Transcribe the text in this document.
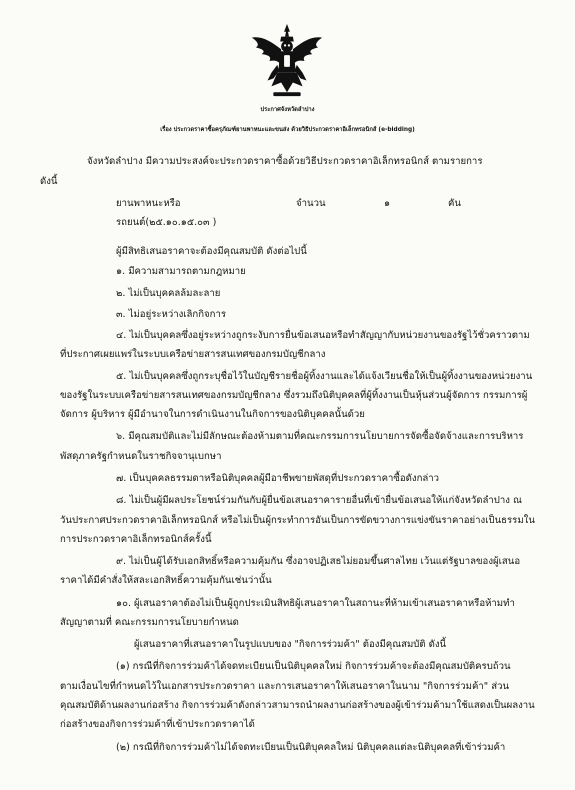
ประกาศจังหวัดลำปาง
เรื่อง ประกวดราคาซื้อครุภัณฑ์ยานพาหนะและขนส่ง ด้วยวิธีประกวดราคาอิเล็กทรอนิกส์ (e-bidding)
จังหวัดลำปาง มีความประสงค์จะประกวดราคาซื้อด้วยวิธีประกวดราคาอิเล็กทรอนิกส์ ตามรายการ
ดังนี้
ยานพาหนะหรือ	จำนวน	๑	คัน
รถยนต์(๒๕.๑๐.๑๕.๐๓ )
ผู้มีสิทธิเสนอราคาจะต้องมีคุณสมบัติ ดังต่อไปนี้
๑. มีความสามารถตามกฎหมาย
๒. ไม่เป็นบุคคลล้มละลาย
๓. ไม่อยู่ระหว่างเลิกกิจการ
๔. ไม่เป็นบุคคลซึ่งอยู่ระหว่างถูกระงับการยื่นข้อเสนอหรือทำสัญญากับหน่วยงานของรัฐไว้ชั่วคราวตาม
ที่ประกาศเผยแพร่ในระบบเครือข่ายสารสนเทศของกรมบัญชีกลาง
๕. ไม่เป็นบุคคลซึ่งถูกระบุชื่อไว้ในบัญชีรายชื่อผู้ทิ้งงานและได้แจ้งเวียนชื่อให้เป็นผู้ทิ้งงานของหน่วยงาน
ของรัฐในระบบเครือข่ายสารสนเทศของกรมบัญชีกลาง ซึ่งรวมถึงนิติบุคคลที่ผู้ทิ้งงานเป็นหุ้นส่วนผู้จัดการ กรรมการผู้
จัดการ ผู้บริหาร ผู้มีอำนาจในการดำเนินงานในกิจการของนิติบุคคลนั้นด้วย
๖. มีคุณสมบัติและไม่มีลักษณะต้องห้ามตามที่คณะกรรมการนโยบายการจัดซื้อจัดจ้างและการบริหาร
พัสดุภาครัฐกำหนดในราชกิจจานุเบกษา
๗. เป็นบุคคลธรรมดาหรือนิติบุคคลผู้มีอาชีพขายพัสดุที่ประกวดราคาซื้อดังกล่าว
๘. ไม่เป็นผู้มีผลประโยชน์ร่วมกันกับผู้ยื่นข้อเสนอราคารายอื่นที่เข้ายื่นข้อเสนอให้แก่จังหวัดลำปาง ณ
วันประกาศประกวดราคาอิเล็กทรอนิกส์ หรือไม่เป็นผู้กระทำการอันเป็นการขัดขวางการแข่งขันราคาอย่างเป็นธรรมใน
การประกวดราคาอิเล็กทรอนิกส์ครั้งนี้
๙. ไม่เป็นผู้ได้รับเอกสิทธิ์หรือความคุ้มกัน ซึ่งอาจปฏิเสธไม่ยอมขึ้นศาลไทย เว้นแต่รัฐบาลของผู้เสนอ
ราคาได้มีคำสั่งให้สละเอกสิทธิ์ความคุ้มกันเช่นว่านั้น
๑๐. ผู้เสนอราคาต้องไม่เป็นผู้ถูกประเมินสิทธิผู้เสนอราคาในสถานะที่ห้ามเข้าเสนอราคาหรือห้ามทำ
สัญญาตามที่ คณะกรรมการนโยบายกำหนด
ผู้เสนอราคาที่เสนอราคาในรูปแบบของ "กิจการร่วมค้า" ต้องมีคุณสมบัติ ดังนี้
(๑) กรณีที่กิจการร่วมค้าได้จดทะเบียนเป็นนิติบุคคลใหม่ กิจการร่วมค้าจะต้องมีคุณสมบัติครบถ้วน
ตามเงื่อนไขที่กำหนดไว้ในเอกสารประกวดราคา และการเสนอราคาให้เสนอราคาในนาม "กิจการร่วมค้า" ส่วน
คุณสมบัติด้านผลงานก่อสร้าง กิจการร่วมค้าดังกล่าวสามารถนำผลงานก่อสร้างของผู้เข้าร่วมค้ามาใช้แสดงเป็นผลงาน
ก่อสร้างของกิจการร่วมค้าที่เข้าประกวดราคาได้
(๒) กรณีที่กิจการร่วมค้าไม่ได้จดทะเบียนเป็นนิติบุคคลใหม่ นิติบุคคลแต่ละนิติบุคคลที่เข้าร่วมค้า
